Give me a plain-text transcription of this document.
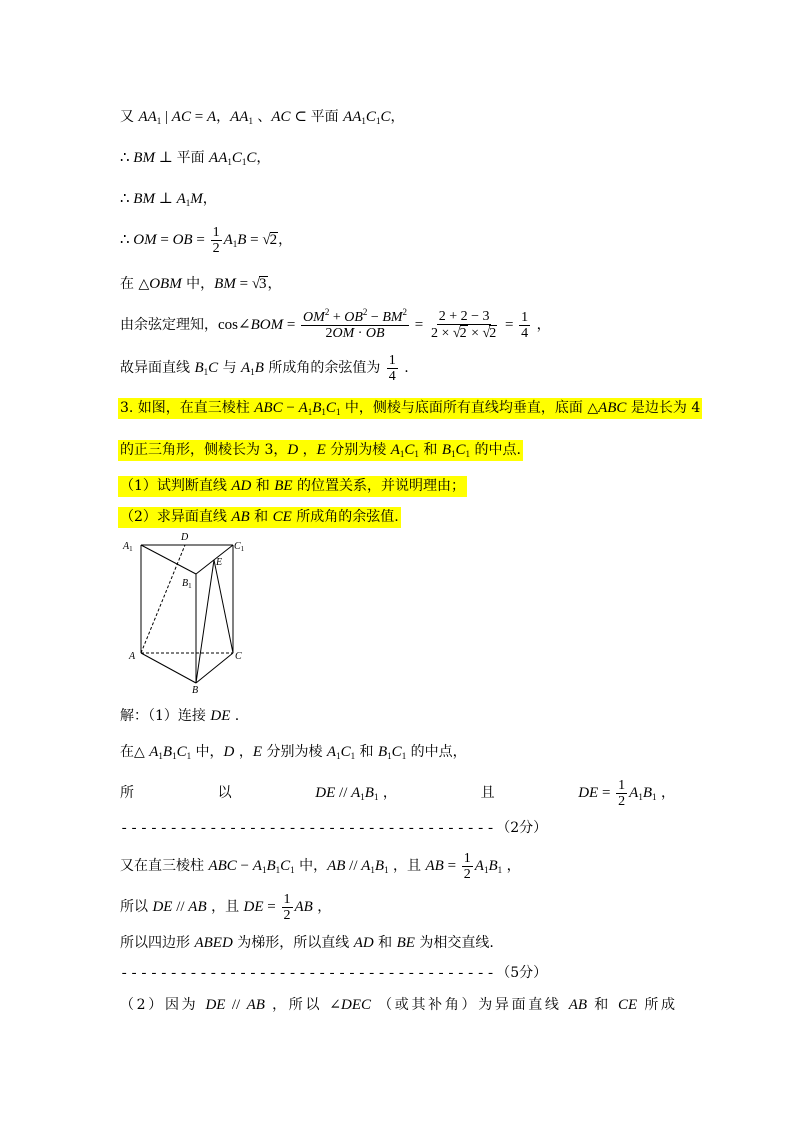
又 $AA_1$ | AC = A，$AA_1$ 、AC ⊂ 平面 $AA_1C_1C$，
∴ BM ⊥ 平面 $AA_1C_1C$，
∴ BM ⊥ $A_1M$，
∴ OM = OB = $\frac{1}{2} A_1B = √2$，
在 △OBM 中，BM = √3，
由余弦定理知，cos∠BOM = $\frac{OM^2 + OB^2 - BM^2}{2OM \cdot OB} = \frac{2 + 2 - 3}{2 \times √2 \times √2} = \frac{1}{4}$ ，
故异面直线 $B_1C$ 与 $A_1B$ 所成角的余弦值为 $\frac{1}{4}$ .
3. 如图，在直三棱柱 ABC − $A_1B_1C_1$ 中，侧棱与底面所有直线均垂直，底面 △ABC 是边长为 4
的正三角形，侧棱长为 3，D ，E 分别为棱 $A_1C_1$ 和 $B_1C_1$ 的中点.
（1）试判断直线 AD 和 BE 的位置关系，并说明理由；
（2）求异面直线 AB 和 CE 所成角的余弦值.
$A_1$
D
$C_1$
$B_1$
E
A
B
C
解：（1）连接 DE .
在△ $A_1B_1C_1$ 中，D ，E 分别为棱 $A_1C_1$ 和 $B_1C_1$ 的中点，
所	以	DE // $A_1B_1$ ，	且	DE = $\frac{1}{2} A_1B_1$ ，
--------------------------------------（2分）
又在直三棱柱 ABC − $A_1B_1C_1$ 中，AB // $A_1B_1$ ，且 AB = $\frac{1}{2} A_1B_1$ ，
所以 DE // AB ，且 DE = $\frac{1}{2}$ AB ，
所以四边形 ABED 为梯形，所以直线 AD 和 BE 为相交直线.
--------------------------------------（5分）
（2）因为 DE // AB ，所以 ∠DEC （或其补角）为异面直线 AB 和 CE 所成
